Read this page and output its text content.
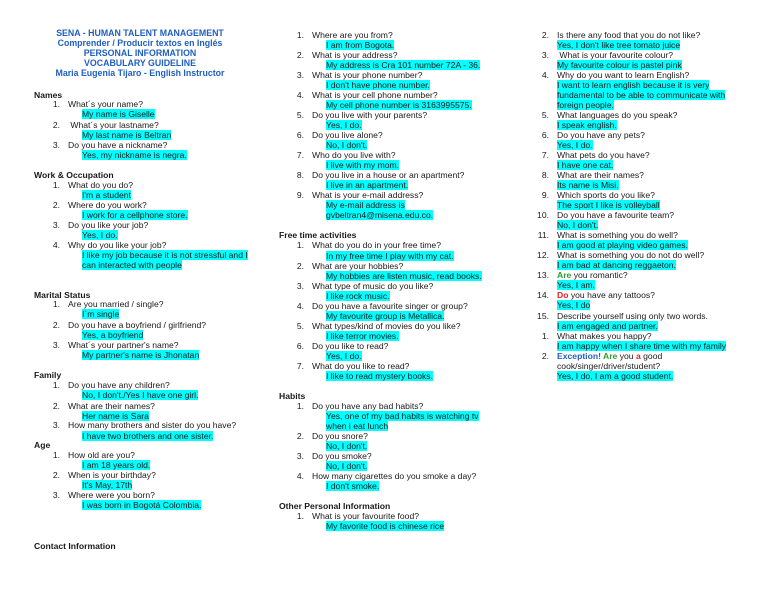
SENA - HUMAN TALENT MANAGEMENT
Comprender / Producir textos en Inglés
PERSONAL INFORMATION
VOCABULARY GUIDELINE
Maria Eugenia Tijaro - English Instructor
Names
1. What´s your name?
My name is Giselle
2. What´s your lastname?
My last name is Beltran
3. Do you have a nickname?
Yes, my nickname is negra.
Work & Occupation
1. What do you do?
I'm a student
2. Where do you work?
I work for a cellphone store.
3. Do you like your job?
Yes, I do.
4. Why do you like your job?
I like my job because it is not stressful and I can interacted with people
Marital Status
1. Are you married / single?
I´m single
2. Do you have a boyfriend / girlfriend?
Yes, a boyfriend
3. What´s your partner's name?
My partner's name is Jhonatan
Family
1. Do you have any children?
No, I don't./Yes I have one girl.
2. What are their names?
Her name is Sara
3. How many brothers and sister do you have?
I have two brothers and one sister.
Age
1. How old are you?
I am 18 years old.
2. When is your birthday?
It's May, 17th
3. Where were you born?
I was born in Bogotá Colombia.
Contact Information
1. Where are you from?
I am from Bogota.
2. What is your address?
My address is Cra 101 number 72A - 36.
3. What is your phone number?
I don't have phone number.
4. What is your cell phone number?
My cell phone number is 3163995575.
5. Do you live with your parents?
Yes, I do.
6. Do you live alone?
No, I don't.
7. Who do you live with?
I live with my mom.
8. Do you live in a house or an apartment?
I live in an apartment.
9. What is your e-mail address?
My e-mail address is gvbeltran4@misena.edu.co.
Free time activities
1. What do you do in your free time?
In my free time I play with my cat.
2. What are your hobbies?
My hobbies are listen music, read books.
3. What type of music do you like?
I like rock music.
4. Do you have a favourite singer or group?
My favourite group is Metallica.
5. What types/kind of movies do you like?
I like terror movies.
6. Do you like to read?
Yes, I do.
7. What do you like to read?
I like to read mystery books.
Habits
1. Do you have any bad habits?
Yes, one of my bad habits is watching tv when i eat lunch
2. Do you snore?
No, I don't.
3. Do you smoke?
No, I don't.
4. How many cigarettes do you smoke a day?
I don't smoke.
Other Personal Information
1. What is your favourite food?
My favorite food is chinese rice
2. Is there any food that you do not like?
Yes, I don't like tree tomato juice
3. What is your favourite colour?
My favourite colour is pastel pink
4. Why do you want to learn English?
I want to learn english because it is very fundamental to be able to communicate with foreign people.
5. What languages do you speak?
I speak english.
6. Do you have any pets?
Yes, I do.
7. What pets do you have?
I have one cat.
8. What are their names?
Its name is Misi.
9. Which sports do you like?
The sport I like is volleyball
10. Do you have a favourite team?
No, I don't.
11. What is something you do well?
I am good at playing video games.
12. What is something you do not do well?
I am bad at dancing reggaeton.
13. Are you romantic?
Yes, I am.
14. Do you have any tattoos?
Yes, I do
15. Describe yourself using only two words.
I am engaged and partner.
1. What makes you happy?
I am happy when I share time with my family
2. Exception! Are you a good
cook/singer/driver/student?
Yes, I do, I am a good student.
